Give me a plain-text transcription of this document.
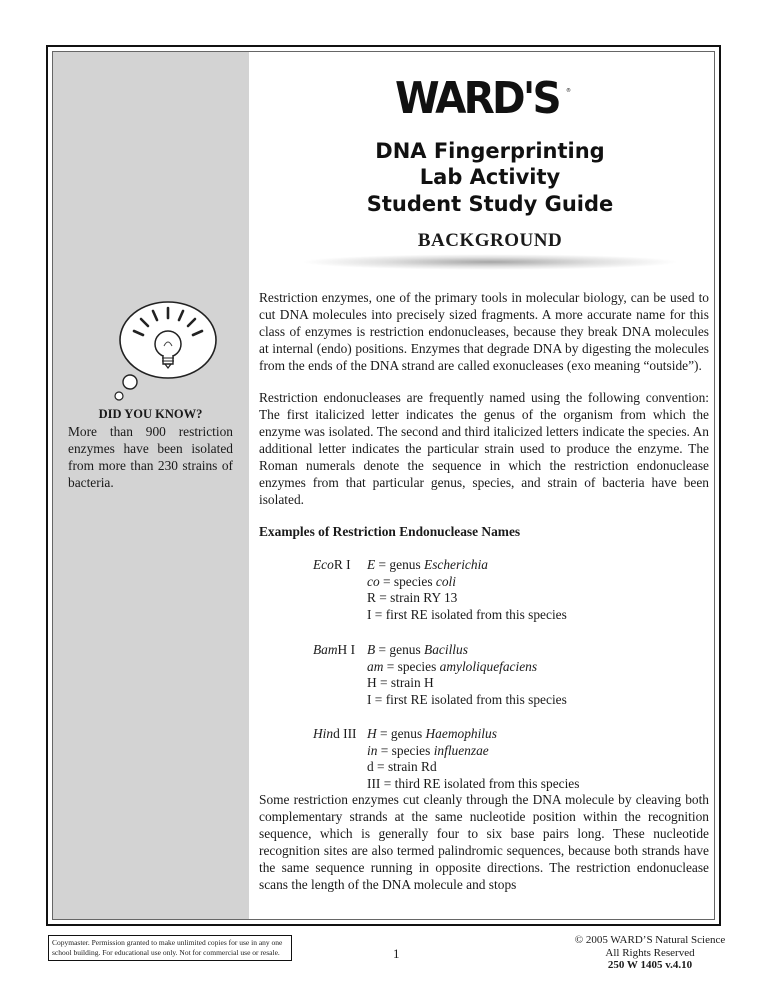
WARD'S	®
DNA Fingerprinting
Lab Activity
Student Study Guide
BACKGROUND

Restriction enzymes, one of the primary tools in molecular biology, can be used to cut DNA molecules into precisely sized fragments. A more accurate name for this class of enzymes is restriction endonucleases, because they break DNA molecules at internal (endo) positions. Enzymes that degrade DNA by digesting the molecules from the ends of the DNA strand are called exonucleases (exo meaning “outside”).

Restriction endonucleases are frequently named using the following convention: The first italicized letter indicates the genus of the organism from which the enzyme was isolated. The second and third italicized letters indicate the species. An additional letter indicates the particular strain used to produce the enzyme. The Roman numerals denote the sequence in which the restriction endonuclease enzymes from that particular genus, species, and strain of bacteria have been isolated.

DID YOU KNOW?
More than 900 restriction enzymes have been isolated from more than 230 strains of bacteria.
Examples of Restriction Endonuclease Names
EcoR I E = genus Escherichia
co = species coli
R = strain RY 13
I = first RE isolated from this species
BamH I B = genus Bacillus
am = species amyloliquefaciens
H = strain H
I = first RE isolated from this species
Hind III H = genus Haemophilus
in = species influenzae
d = strain Rd
III = third RE isolated from this species

Some restriction enzymes cut cleanly through the DNA molecule by cleaving both complementary strands at the same nucleotide position within the recognition sequence, which is generally four to six base pairs long. These nucleotide recognition sites are also termed palindromic sequences, because both strands have the same sequence running in opposite directions. The restriction endonuclease scans the length of the DNA molecule and stops

Copymaster. Permission granted to make unlimited copies for use in any one school building. For educational use only. Not for commercial use or resale.	1
© 2005 WARD’S Natural Science
All Rights Reserved
250 W 1405 v.4.10
